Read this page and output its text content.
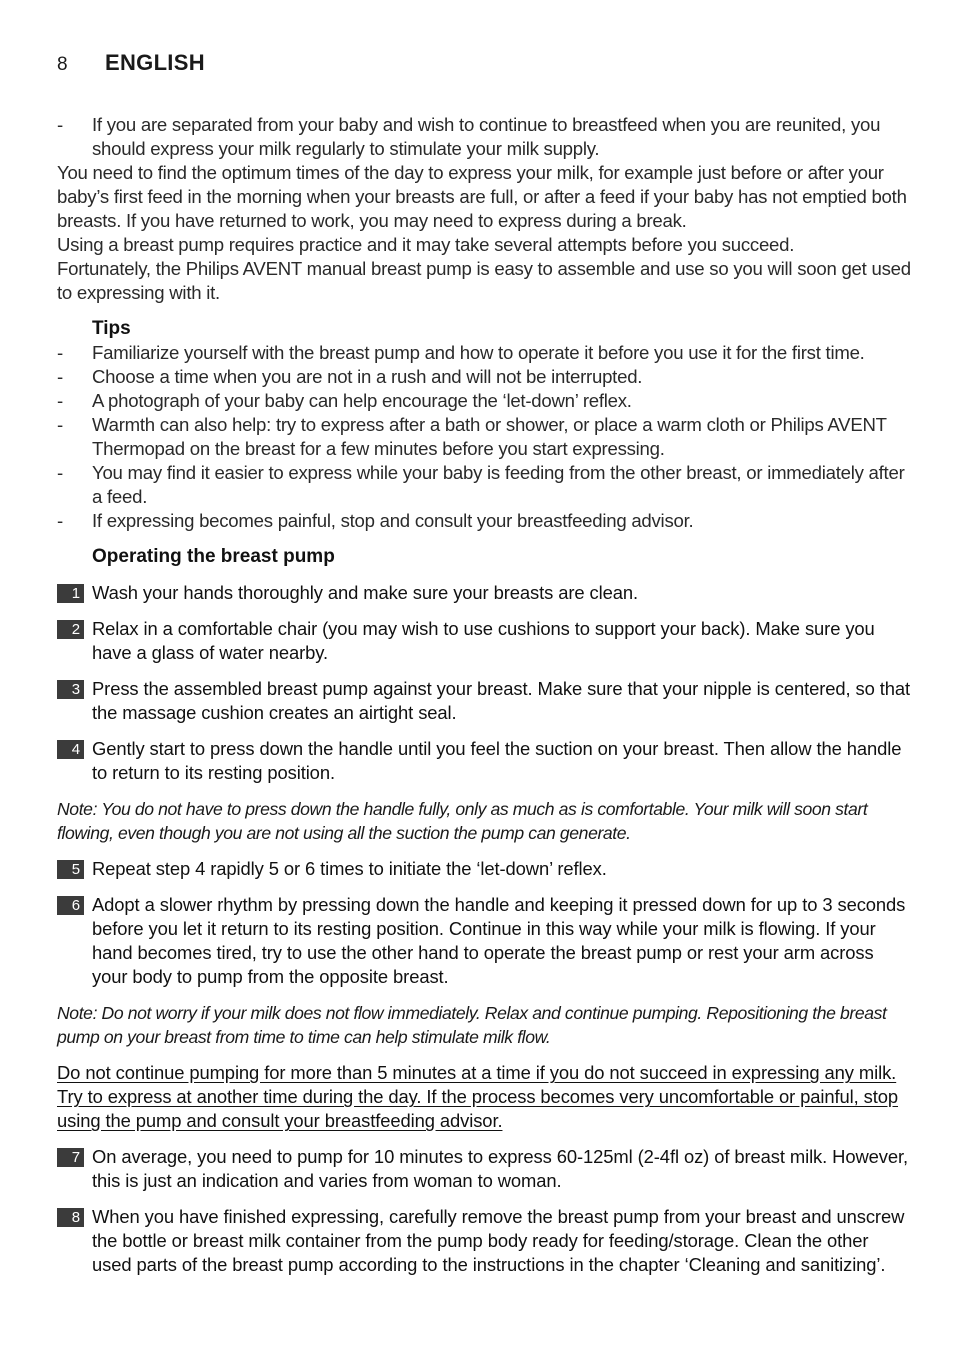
8	ENGLISH
-	If you are separated from your baby and wish to continue to breastfeed when you are reunited, you should express your milk regularly to stimulate your milk supply.

You need to find the optimum times of the day to express your milk, for example just before or after your baby’s first feed in the morning when your breasts are full, or after a feed if your baby has not emptied both breasts. If you have returned to work, you may need to express during a break.

Using a breast pump requires practice and it may take several attempts before you succeed.

Fortunately, the Philips AVENT manual breast pump is easy to assemble and use so you will soon get used to expressing with it.

Tips
-	Familiarize yourself with the breast pump and how to operate it before you use it for the first time.
-	Choose a time when you are not in a rush and will not be interrupted.
-	A photograph of your baby can help encourage the ‘let-down’ reflex.
-	Warmth can also help: try to express after a bath or shower, or place a warm cloth or Philips AVENT Thermopad on the breast for a few minutes before you start expressing.
-	You may find it easier to express while your baby is feeding from the other breast, or immediately after a feed.
-	If expressing becomes painful, stop and consult your breastfeeding advisor.
Operating the breast pump
1 Wash your hands thoroughly and make sure your breasts are clean.
2 Relax in a comfortable chair (you may wish to use cushions to support your back). Make sure you have a glass of water nearby.
3 Press the assembled breast pump against your breast. Make sure that your nipple is centered, so that the massage cushion creates an airtight seal.
4 Gently start to press down the handle until you feel the suction on your breast. Then allow the handle to return to its resting position.
Note: You do not have to press down the handle fully, only as much as is comfortable. Your milk will soon start flowing, even though you are not using all the suction the pump can generate.
5 Repeat step 4 rapidly 5 or 6 times to initiate the ‘let-down’ reflex.
6 Adopt a slower rhythm by pressing down the handle and keeping it pressed down for up to 3 seconds before you let it return to its resting position. Continue in this way while your milk is flowing. If your hand becomes tired, try to use the other hand to operate the breast pump or rest your arm across your body to pump from the opposite breast.
Note: Do not worry if your milk does not flow immediately. Relax and continue pumping. Repositioning the breast pump on your breast from time to time can help stimulate milk flow.
Do not continue pumping for more than 5 minutes at a time if you do not succeed in expressing any milk. Try to express at another time during the day. If the process becomes very uncomfortable or painful, stop using the pump and consult your breastfeeding advisor.
7 On average, you need to pump for 10 minutes to express 60-125ml (2-4fl oz) of breast milk. However, this is just an indication and varies from woman to woman.
8 When you have finished expressing, carefully remove the breast pump from your breast and unscrew the bottle or breast milk container from the pump body ready for feeding/storage. Clean the other used parts of the breast pump according to the instructions in the chapter ‘Cleaning and sanitizing’.
